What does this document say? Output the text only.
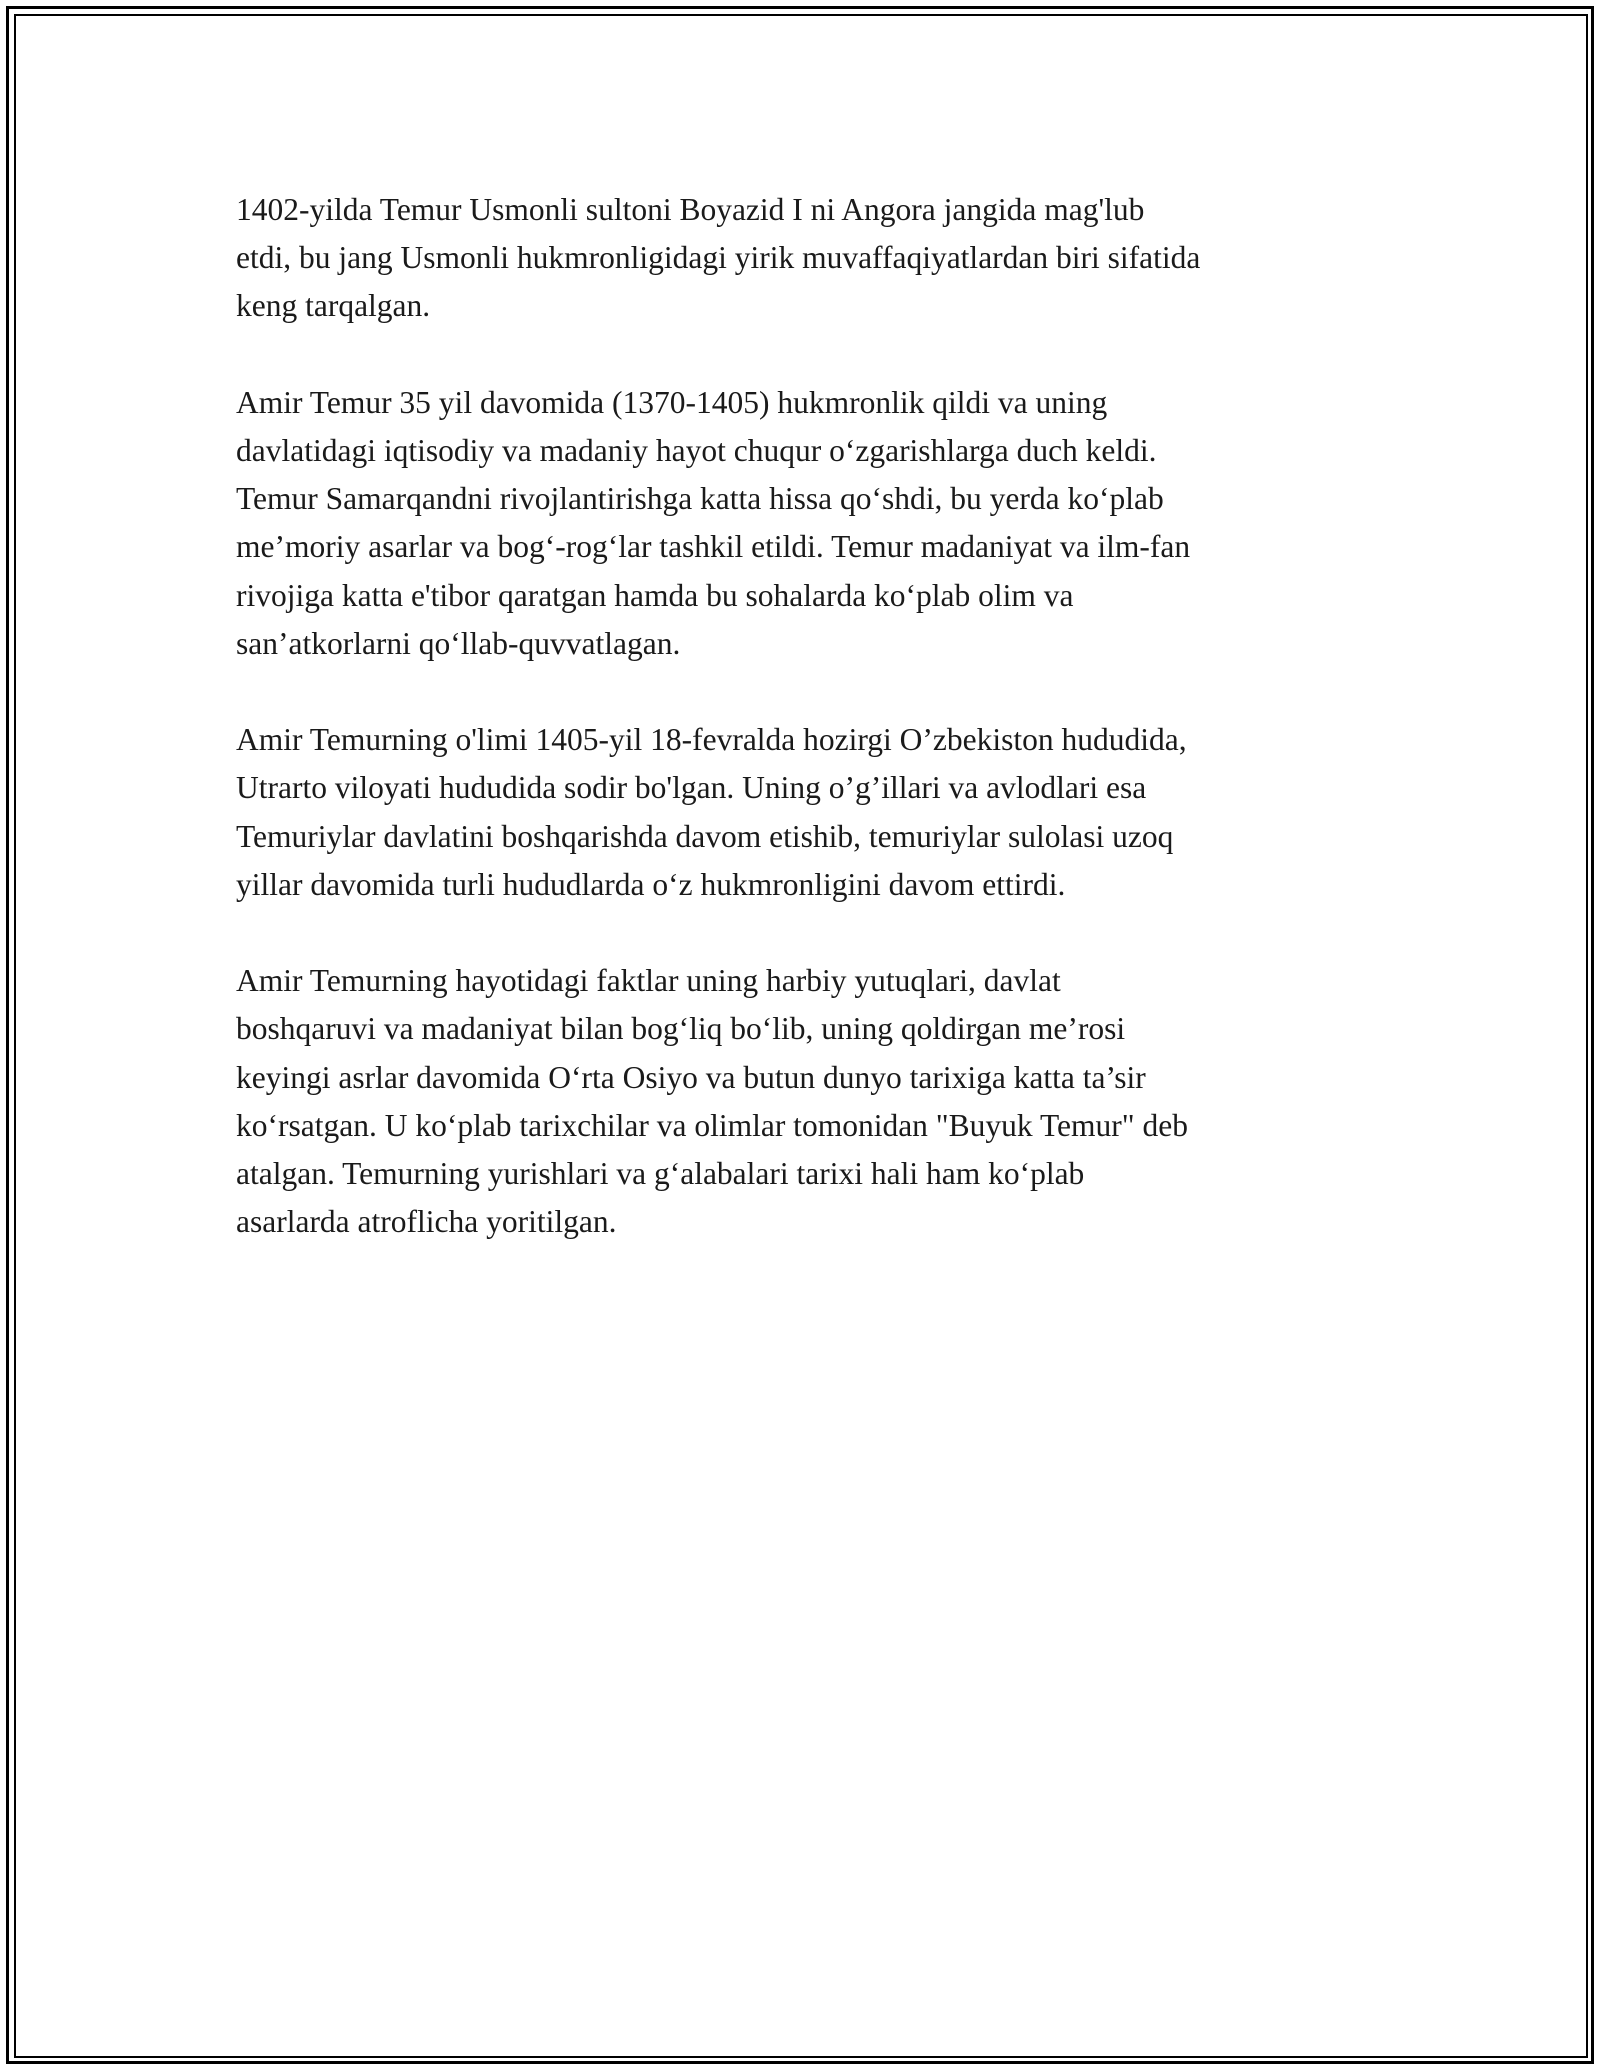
1402-yilda Temur Usmonli sultoni Boyazid I ni Angora jangida mag'lub
etdi, bu jang Usmonli hukmronligidagi yirik muvaffaqiyatlardan biri sifatida
keng tarqalgan.

Amir Temur 35 yil davomida (1370-1405) hukmronlik qildi va uning
davlatidagi iqtisodiy va madaniy hayot chuqur o‘zgarishlarga duch keldi.
Temur Samarqandni rivojlantirishga katta hissa qo‘shdi, bu yerda ko‘plab
me’moriy asarlar va bog‘-rog‘lar tashkil etildi. Temur madaniyat va ilm-fan
rivojiga katta e'tibor qaratgan hamda bu sohalarda ko‘plab olim va
san’atkorlarni qo‘llab-quvvatlagan.

Amir Temurning o'limi 1405-yil 18-fevralda hozirgi O’zbekiston hududida,
Utrarto viloyati hududida sodir bo'lgan. Uning o’g’illari va avlodlari esa
Temuriylar davlatini boshqarishda davom etishib, temuriylar sulolasi uzoq
yillar davomida turli hududlarda o‘z hukmronligini davom ettirdi.

Amir Temurning hayotidagi faktlar uning harbiy yutuqlari, davlat
boshqaruvi va madaniyat bilan bog‘liq bo‘lib, uning qoldirgan me’rosi
keyingi asrlar davomida O‘rta Osiyo va butun dunyo tarixiga katta ta’sir
ko‘rsatgan. U ko‘plab tarixchilar va olimlar tomonidan "Buyuk Temur" deb
atalgan. Temurning yurishlari va g‘alabalari tarixi hali ham ko‘plab
asarlarda atroflicha yoritilgan.
